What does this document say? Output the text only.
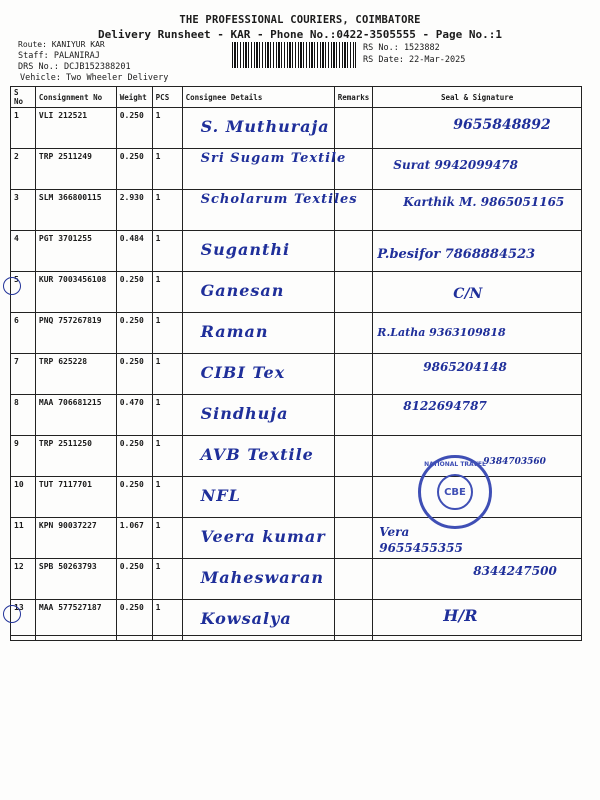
THE PROFESSIONAL COURIERS, COIMBATORE
Delivery Runsheet - KAR - Phone No.:0422-3505555 - Page No.:1
Route: KANIYUR KAR
Staff: PALANIRAJ
DRS No.: DCJB152388201
Vehicle: Two Wheeler Delivery
RS No.: 1523882
RS Date: 22-Mar-2025
S No	Consignment No	Weight	PCS	Consignee Details	Remarks	Seal & Signature
1	VLI 212521	0.250	1	S. Muthuraja		9655848892

2	TRP 2511249	0.250	1	Sri Sugam Textile		Surat 9942099478

3	SLM 366800115	2.930	1	Scholarum Textiles		Karthik M. 9865051165

4	PGT 3701255	0.484	1	Suganthi		P.besifor 7868884523

5	KUR 7003456108	0.250	1	Ganesan		C/N

6	PNQ 757267819	0.250	1	Raman		R.Latha 9363109818

7	TRP 625228	0.250	1	CIBI Tex		9865204148

8	MAA 706681215	0.470	1	Sindhuja		8122694787

9	TRP 2511250	0.250	1	AVB Textile		9384703560

10	TUT 7117701	0.250	1	NFL		

11	KPN 90037227	1.067	1	Veera kumar		Vera 9655455355

12	SPB 50263793	0.250	1	Maheswaran		8344247500

13	MAA 577527187	0.250	1	Kowsalya		H/R
NATIONAL TRAVEL
CBE
